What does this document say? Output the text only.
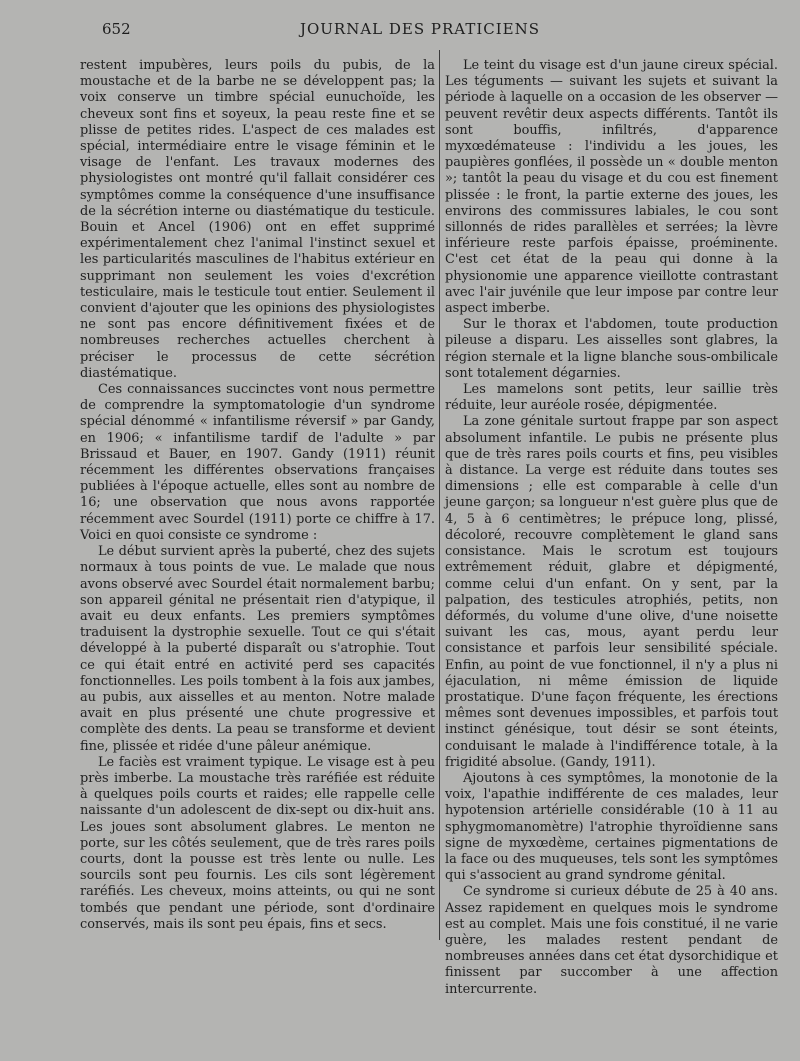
652	JOURNAL DES PRATICIENS

restent impubères, leurs poils du pubis, de la moustache et de la barbe ne se développent pas; la voix conserve un timbre spécial eunuchoïde, les cheveux sont fins et soyeux, la peau reste fine et se plisse de petites rides. L'aspect de ces malades est spécial, intermédiaire entre le visage féminin et le visage de l'enfant. Les travaux modernes des physiologistes ont montré qu'il fallait considérer ces symptômes comme la conséquence d'une insuffisance de la sécrétion interne ou diastématique du testicule. Bouin et Ancel (1906) ont en effet supprimé expérimentalement chez l'animal l'instinct sexuel et les particularités masculines de l'habitus extérieur en supprimant non seulement les voies d'excrétion testiculaire, mais le testicule tout entier. Seulement il convient d'ajouter que les opinions des physiologistes ne sont pas encore définitivement fixées et de nombreuses recherches actuelles cherchent à préciser le processus de cette sécrétion diastématique.

Ces connaissances succinctes vont nous permettre de comprendre la symptomatologie d'un syndrome spécial dénommé « infantilisme réversif » par Gandy, en 1906; « infantilisme tardif de l'adulte » par Brissaud et Bauer, en 1907. Gandy (1911) réunit récemment les différentes observations françaises publiées à l'époque actuelle, elles sont au nombre de 16; une observation que nous avons rapportée récemment avec Sourdel (1911) porte ce chiffre à 17. Voici en quoi consiste ce syndrome :

Le début survient après la puberté, chez des sujets normaux à tous points de vue. Le malade que nous avons observé avec Sourdel était normalement barbu; son appareil génital ne présentait rien d'atypique, il avait eu deux enfants. Les premiers symptômes traduisent la dystrophie sexuelle. Tout ce qui s'était développé à la puberté disparaît ou s'atrophie. Tout ce qui était entré en activité perd ses capacités fonctionnelles. Les poils tombent à la fois aux jambes, au pubis, aux aisselles et au menton. Notre malade avait en plus présenté une chute progressive et complète des dents. La peau se transforme et devient fine, plissée et ridée d'une pâleur anémique.

Le faciès est vraiment typique. Le visage est à peu près imberbe. La moustache très raréfiée est réduite à quelques poils courts et raides; elle rappelle celle naissante d'un adolescent de dix-sept ou dix-huit ans. Les joues sont absolument glabres. Le menton ne porte, sur les côtés seulement, que de très rares poils courts, dont la pousse est très lente ou nulle. Les sourcils sont peu fournis. Les cils sont légèrement raréfiés. Les cheveux, moins atteints, ou qui ne sont tombés que pendant une période, sont d'ordinaire conservés, mais ils sont peu épais, fins et secs.

Le teint du visage est d'un jaune cireux spécial. Les téguments — suivant les sujets et suivant la période à laquelle on a occasion de les observer — peuvent revêtir deux aspects différents. Tantôt ils sont bouffis, infiltrés, d'apparence myxœdémateuse : l'individu a les joues, les paupières gonflées, il possède un « double menton »; tantôt la peau du visage et du cou est finement plissée : le front, la partie externe des joues, les environs des commissures labiales, le cou sont sillonnés de rides parallèles et serrées; la lèvre inférieure reste parfois épaisse, proéminente. C'est cet état de la peau qui donne à la physionomie une apparence vieillotte contrastant avec l'air juvénile que leur impose par contre leur aspect imberbe.

Sur le thorax et l'abdomen, toute production pileuse a disparu. Les aisselles sont glabres, la région sternale et la ligne blanche sous-ombilicale sont totalement dégarnies.

Les mamelons sont petits, leur saillie très réduite, leur auréole rosée, dépigmentée.

La zone génitale surtout frappe par son aspect absolument infantile. Le pubis ne présente plus que de très rares poils courts et fins, peu visibles à distance. La verge est réduite dans toutes ses dimensions ; elle est comparable à celle d'un jeune garçon; sa longueur n'est guère plus que de 4, 5 à 6 centimètres; le prépuce long, plissé, décoloré, recouvre complètement le gland sans consistance. Mais le scrotum est toujours extrêmement réduit, glabre et dépigmenté, comme celui d'un enfant. On y sent, par la palpation, des testicules atrophiés, petits, non déformés, du volume d'une olive, d'une noisette suivant les cas, mous, ayant perdu leur consistance et parfois leur sensibilité spéciale. Enfin, au point de vue fonctionnel, il n'y a plus ni éjaculation, ni même émission de liquide prostatique. D'une façon fréquente, les érections mêmes sont devenues impossibles, et parfois tout instinct génésique, tout désir se sont éteints, conduisant le malade à l'indifférence totale, à la frigidité absolue. (Gandy, 1911).

Ajoutons à ces symptômes, la monotonie de la voix, l'apathie indifférente de ces malades, leur hypotension artérielle considérable (10 à 11 au sphygmomanomètre) l'atrophie thyroïdienne sans signe de myxœdème, certaines pigmentations de la face ou des muqueuses, tels sont les symptômes qui s'associent au grand syndrome génital.

Ce syndrome si curieux débute de 25 à 40 ans. Assez rapidement en quelques mois le syndrome est au complet. Mais une fois constitué, il ne varie guère, les malades restent pendant de nombreuses années dans cet état dysorchidique et finissent par succomber à une affection intercurrente.
